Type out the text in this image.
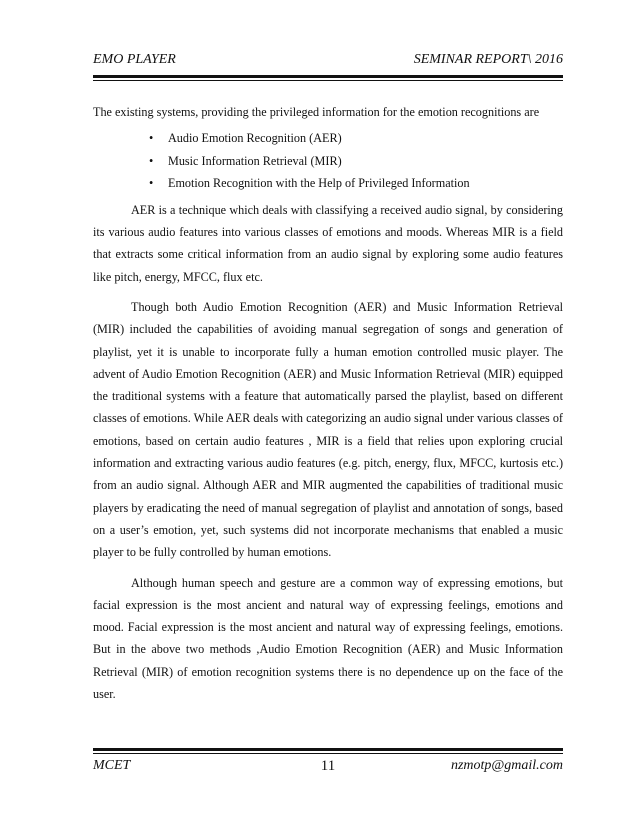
EMO PLAYER	SEMINAR REPORT\ 2016

The existing systems, providing the privileged information for the emotion recognitions are

• Audio Emotion Recognition (AER)
• Music Information Retrieval (MIR)
• Emotion Recognition with the Help of Privileged Information

AER is a technique which deals with classifying a received audio signal, by considering its various audio features into various classes of emotions and moods. Whereas MIR is a field that extracts some critical information from an audio signal by exploring some audio features like pitch, energy, MFCC, flux etc.

Though both Audio Emotion Recognition (AER) and Music Information Retrieval (MIR) included the capabilities of avoiding manual segregation of songs and generation of playlist, yet it is unable to incorporate fully a human emotion controlled music player. The advent of Audio Emotion Recognition (AER) and Music Information Retrieval (MIR) equipped the traditional systems with a feature that automatically parsed the playlist, based on different classes of emotions. While AER deals with categorizing an audio signal under various classes of emotions, based on certain audio features , MIR is a field that relies upon exploring crucial information and extracting various audio features (e.g. pitch, energy, flux, MFCC, kurtosis etc.) from an audio signal. Although AER and MIR augmented the capabilities of traditional music players by eradicating the need of manual segregation of playlist and annotation of songs, based on a user’s emotion, yet, such systems did not incorporate mechanisms that enabled a music player to be fully controlled by human emotions.

Although human speech and gesture are a common way of expressing emotions, but facial expression is the most ancient and natural way of expressing feelings, emotions and mood. Facial expression is the most ancient and natural way of expressing feelings, emotions. But in the above two methods ,Audio Emotion Recognition (AER) and Music Information Retrieval (MIR) of emotion recognition systems there is no dependence up on the face of the user.

MCET	11	nzmotp@gmail.com
